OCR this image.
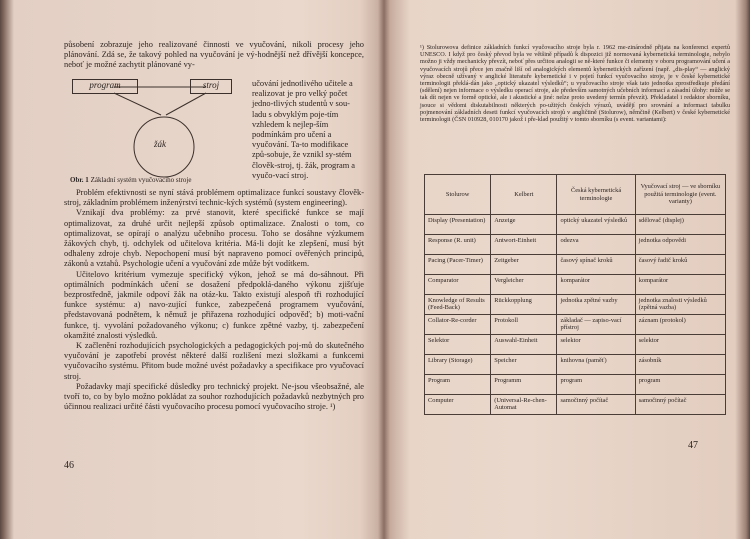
působení zobrazuje jeho realizované činnosti ve vyučování, nikoli procesy jeho plánování. Zdá se, že takový pohled na vyučování je vý-hodnější než dřívější koncepce, neboť je možné zachytit plánované vy-

program	stroj
žák
Obr. 1 Základní systém vyučovacího stroje
učování jednotlivého učitele a realizovat je pro velký počet jedno-tlivých studentů v sou-ladu s obvyklým poje-tím vzhledem k nejlep-ším podmínkám pro učení a vyučování. Ta-to modifikace způ-sobuje, že vznikl sy-stém člověk-stroj, tj. žák, program a vyučo-vací stroj.

Problém efektivnosti se nyní stává problémem optimalizace funkcí soustavy člověk-stroj, základním problémem inženýrství technic-kých systémů (system engineering).

Vznikají dva problémy: za prvé stanovit, které specifické funkce se mají optimalizovat, za druhé určit nejlepší způsob optimalizace. Znalosti o tom, co optimalizovat, se opírají o analýzu učebního procesu. Toho se dosáhne výzkumem žákových chyb, tj. odchylek od učitelova kritéria. Má-li dojít ke zlepšení, musí být odhaleny zdroje chyb. Nepochopení musí být napraveno pomocí ověřených principů, zákonů a vztahů. Psychologie učení a vyučování zde může být vodítkem.

Učitelovo kritérium vymezuje specifický výkon, jehož se má do-sáhnout. Při optimálních podmínkách učení se dosažení předpoklá-daného výkonu zjišťuje bezprostředně, jakmile odpoví žák na otáz-ku. Takto existují alespoň tři rozhodující funkce systému: a) navo-zující funkce, zabezpečená programem vyučování, představovaná podnětem, k němuž je přiřazena rozhodující odpověď; b) moti-vační funkce, tj. vyvolání požadovaného výkonu; c) funkce zpětné vazby, tj. zabezpečení okamžité znalosti výsledků.

K začlenění rozhodujících psychologických a pedagogických poj-mů do skutečného vyučování je zapotřebí provést některé další rozlišení mezi složkami a funkcemi vyučovacího systému. Přitom bude možné uvést požadavky a specifikace pro vyučovací stroj.

Požadavky mají specifické důsledky pro technický projekt. Ne-jsou všeobsažné, ale tvoří to, co by bylo možno pokládat za souhor rozhodujících požadavků nezbytných pro účinnou realizaci určité části vyučovacího procesu pomocí vyučovacího stroje. ¹)

46
¹) Stolurowova definice základních funkcí vyučovacího stroje byla r. 1962 me-zinárodně přijata na konferenci expertů UNESCO. I když pro český převod byla ve většině případů k dispozici již normovaná kybernetická terminologie, nebylo možno ji vždy mechanicky převzít, neboť přes určitou analogii se ně-které funkce či elementy v oboru programování učení a vyučovacích strojů přece jen značně liší od analogických elementů kybernetických zařízení (např. „dis-play“ — anglický výraz obecně užívaný v anglické literatuře kybernetické i v pojetí funkcí vyučovacího stroje, je v české kybernetické terminologii překlá-dán jako „optický ukazatel výsledků“; u vyučovacího stroje však tato jednotka zprostředkuje předání (sdělení) nejen informace o výsledku operací stroje, ale především samotných učebních informací a zásadní úlohy: může se tak dít nejen ve formě optické, ale i akustické a jiné: nelze proto uvedený termín převzít). Překladatel i redaktor sborníku, jsouce si vědomi diskutabilnosti některých po-užitých českých výrazů, uvádějí pro srovnání a informaci tabulku pojmenování základních deseti funkcí vyučovacích strojů v angličtině (Stolurow), němčině (Kelbert) v české kybernetické terminologii (ČSN 010928, 010170 jakož i pře-klad použitý v tomto sborníku (s event. variantami):
Stolurow	Kelbert	Česká kybernetická terminologie	Vyučovací stroj — ve sborníku použitá terminologie (event. varianty)
Display (Presentation)	Anzeige	optický ukazatel výsledků	sdělovač (displej)
Response (R. unit)	Antwort-Einheit	odezva	jednotka odpovědi
Pacing (Pacer-Timer)	Zeitgeber	časový spínač kroků	časový řadič kroků
Comparator	Vergleicher	komparátor	komparátor
Knowledge of Results (Feed-Back)	Rückkopplung	jednotka zpětné vazby	jednotka znalosti výsledků (zpětná vazba)
Collator-Re-corder	Protokoll	základač — zapiso-vací přístroj	záznam (protokol)
Selektor	Auswahl-Einheit	selektor	selektor
Library (Storage)	Speicher	knihovna (paměť)	zásobník
Program	Programm	program	program
Computer	(Universal-Re-chen-Automat	samočinný počítač	samočinný počítač
47
